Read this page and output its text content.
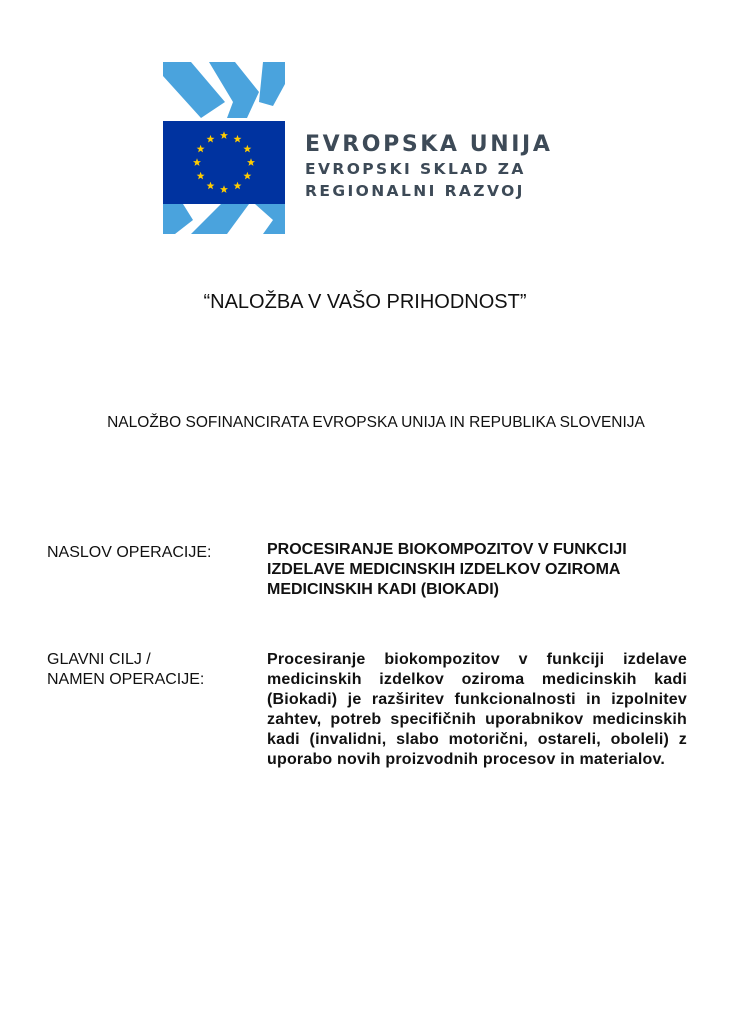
EVROPSKA UNIJA
EVROPSKI SKLAD ZA
REGIONALNI RAZVOJ
“NALOŽBA V VAŠO PRIHODNOST”
NALOŽBO SOFINANCIRATA EVROPSKA UNIJA IN REPUBLIKA SLOVENIJA
NASLOV OPERACIJE:	PROCESIRANJE BIOKOMPOZITOV V FUNKCIJI IZDELAVE MEDICINSKIH IZDELKOV OZIROMA MEDICINSKIH KADI (BIOKADI)
GLAVNI CILJ /
NAMEN OPERACIJE:
Procesiranje biokompozitov v funkciji izdelave medicinskih izdelkov oziroma medicinskih kadi (Biokadi) je razširitev funkcionalnosti in izpolnitev zahtev, potreb specifičnih uporabnikov medicinskih kadi (invalidni, slabo motorični, ostareli, oboleli) z uporabo novih proizvodnih procesov in materialov.
